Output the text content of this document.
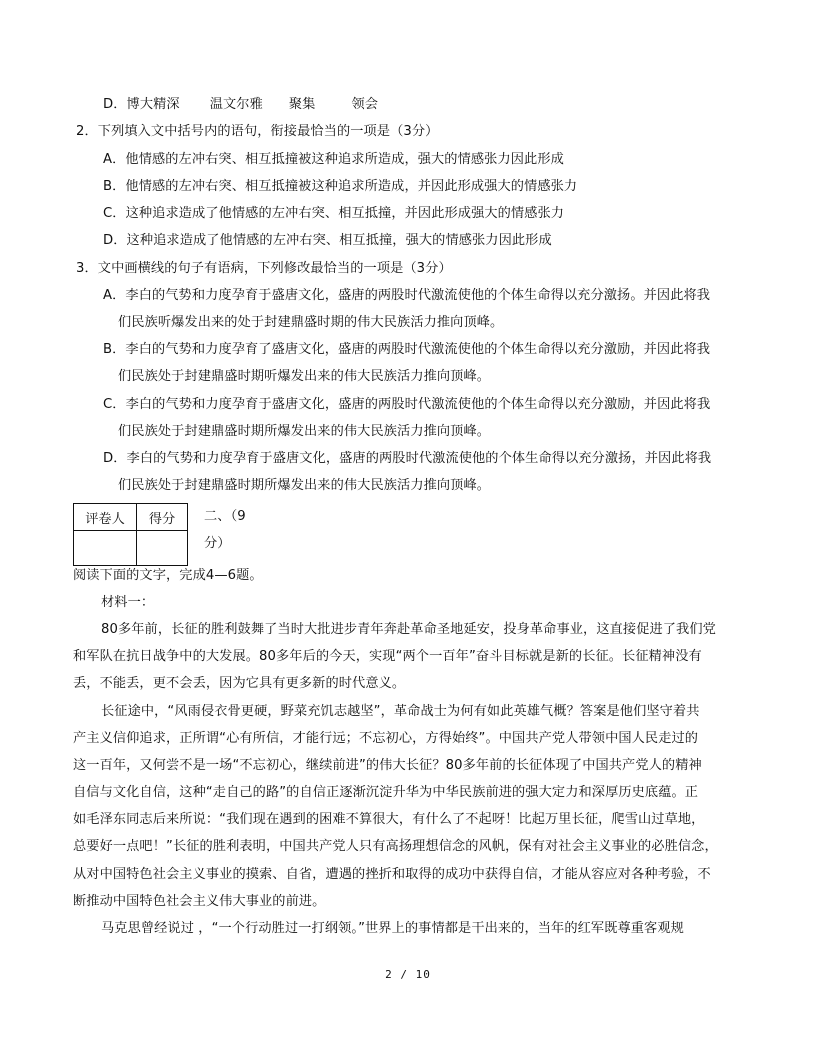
D．博大精深 温文尔雅 聚集	领会
2．下列填入文中括号内的语句，衔接最恰当的一项是（3分）
A．他情感的左冲右突、相互抵撞被这种追求所造成，强大的情感张力因此形成
B．他情感的左冲右突、相互抵撞被这种追求所造成，并因此形成强大的情感张力
C．这种追求造成了他情感的左冲右突、相互抵撞，并因此形成强大的情感张力
D．这种追求造成了他情感的左冲右突、相互抵撞，强大的情感张力因此形成
3．文中画横线的句子有语病，下列修改最恰当的一项是（3分）
A．李白的气势和力度孕育于盛唐文化，盛唐的两股时代激流使他的个体生命得以充分激扬。并因此将我
们民族听爆发出来的处于封建鼎盛时期的伟大民族活力推向顶峰。
B．李白的气势和力度孕育了盛唐文化，盛唐的两股时代激流使他的个体生命得以充分激励，并因此将我
们民族处于封建鼎盛时期听爆发出来的伟大民族活力推向顶峰。
C．李白的气势和力度孕育于盛唐文化，盛唐的两股时代激流使他的个体生命得以充分激励，并因此将我
们民族处于封建鼎盛时期所爆发出来的伟大民族活力推向顶峰。
D．李白的气势和力度孕育于盛唐文化，盛唐的两股时代激流使他的个体生命得以充分激扬，并因此将我
们民族处于封建鼎盛时期所爆发出来的伟大民族活力推向顶峰。
评卷人	得分
	二、（9
分）
阅读下面的文字，完成4—6题。
材料一：
80多年前，长征的胜利鼓舞了当时大批进步青年奔赴革命圣地延安，投身革命事业，这直接促进了我们党
和军队在抗日战争中的大发展。80多年后的今天，实现“两个一百年”奋斗目标就是新的长征。长征精神没有
丢，不能丢，更不会丢，因为它具有更多新的时代意义。
长征途中，“风雨侵衣骨更硬，野菜充饥志越坚”，革命战士为何有如此英雄气概？答案是他们坚守着共
产主义信仰追求，正所谓“心有所信，才能行远；不忘初心，方得始终”。中国共产党人带领中国人民走过的
这一百年，又何尝不是一场“不忘初心，继续前进”的伟大长征？80多年前的长征体现了中国共产党人的精神
自信与文化自信，这种“走自己的路”的自信正逐渐沉淀升华为中华民族前进的强大定力和深厚历史底蕴。正
如毛泽东同志后来所说：“我们现在遇到的困难不算很大，有什么了不起呀！比起万里长征，爬雪山过草地，
总要好一点吧！”长征的胜利表明，中国共产党人只有高扬理想信念的风帆，保有对社会主义事业的必胜信念，
从对中国特色社会主义事业的摸索、自省，遭遇的挫折和取得的成功中获得自信，才能从容应对各种考验，不
断推动中国特色社会主义伟大事业的前进。
马克思曾经说过 ，“一个行动胜过一打纲领。”世界上的事情都是干出来的，当年的红军既尊重客观规
2 / 10
